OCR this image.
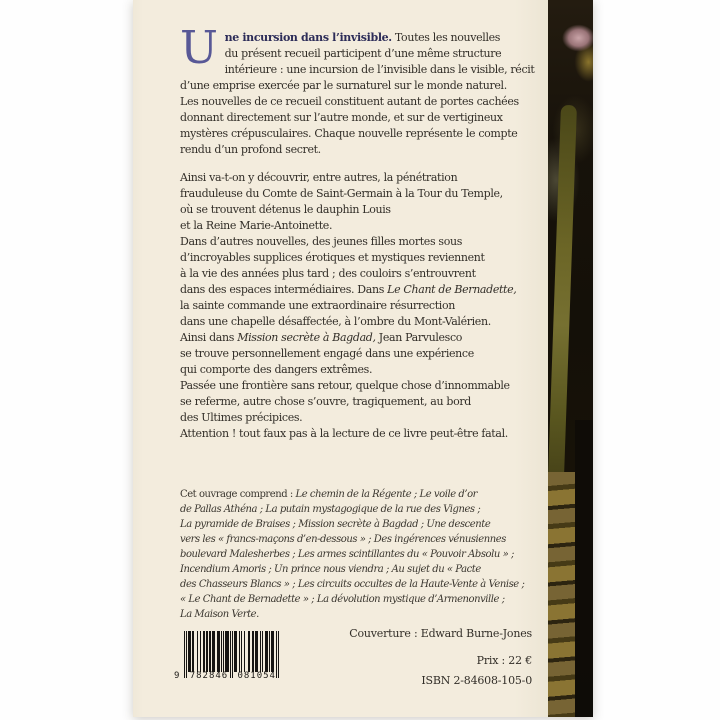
U ne incursion dans l’invisible. Toutes les nouvelles
du présent recueil participent d’une même structure
intérieure : une incursion de l’invisible dans le visible, récit
d’une emprise exercée par le surnaturel sur le monde naturel.
Les nouvelles de ce recueil constituent autant de portes cachées
donnant directement sur l’autre monde, et sur de vertigineux
mystères crépusculaires. Chaque nouvelle représente le compte
rendu d’un profond secret.
Ainsi va-t-on y découvrir, entre autres, la pénétration
frauduleuse du Comte de Saint-Germain à la Tour du Temple,
où se trouvent détenus le dauphin Louis
et la Reine Marie-Antoinette.
Dans d’autres nouvelles, des jeunes filles mortes sous
d’incroyables supplices érotiques et mystiques reviennent
à la vie des années plus tard ; des couloirs s’entrouvrent
dans des espaces intermédiaires. Dans Le Chant de Bernadette,
la sainte commande une extraordinaire résurrection
dans une chapelle désaffectée, à l’ombre du Mont-Valérien.
Ainsi dans Mission secrète à Bagdad, Jean Parvulesco
se trouve personnellement engagé dans une expérience
qui comporte des dangers extrêmes.
Passée une frontière sans retour, quelque chose d’innommable
se referme, autre chose s’ouvre, tragiquement, au bord
des Ultimes précipices.
Attention ! tout faux pas à la lecture de ce livre peut-être fatal.
Cet ouvrage comprend : Le chemin de la Régente ; Le voile d’or
de Pallas Athéna ; La putain mystagogique de la rue des Vignes ;
La pyramide de Braises ; Mission secrète à Bagdad ; Une descente
vers les « francs-maçons d’en-dessous » ; Des ingérences vénusiennes
boulevard Malesherbes ; Les armes scintillantes du « Pouvoir Absolu » ;
Incendium Amoris ; Un prince nous viendra ; Au sujet du « Pacte
des Chasseurs Blancs » ; Les circuits occultes de la Haute-Vente à Venise ;
« Le Chant de Bernadette » ; La dévolution mystique d’Armenonville ;
La Maison Verte.
Couverture : Edward Burne-Jones
Prix : 22 €
ISBN 2-84608-105-0
9 782846 081054
